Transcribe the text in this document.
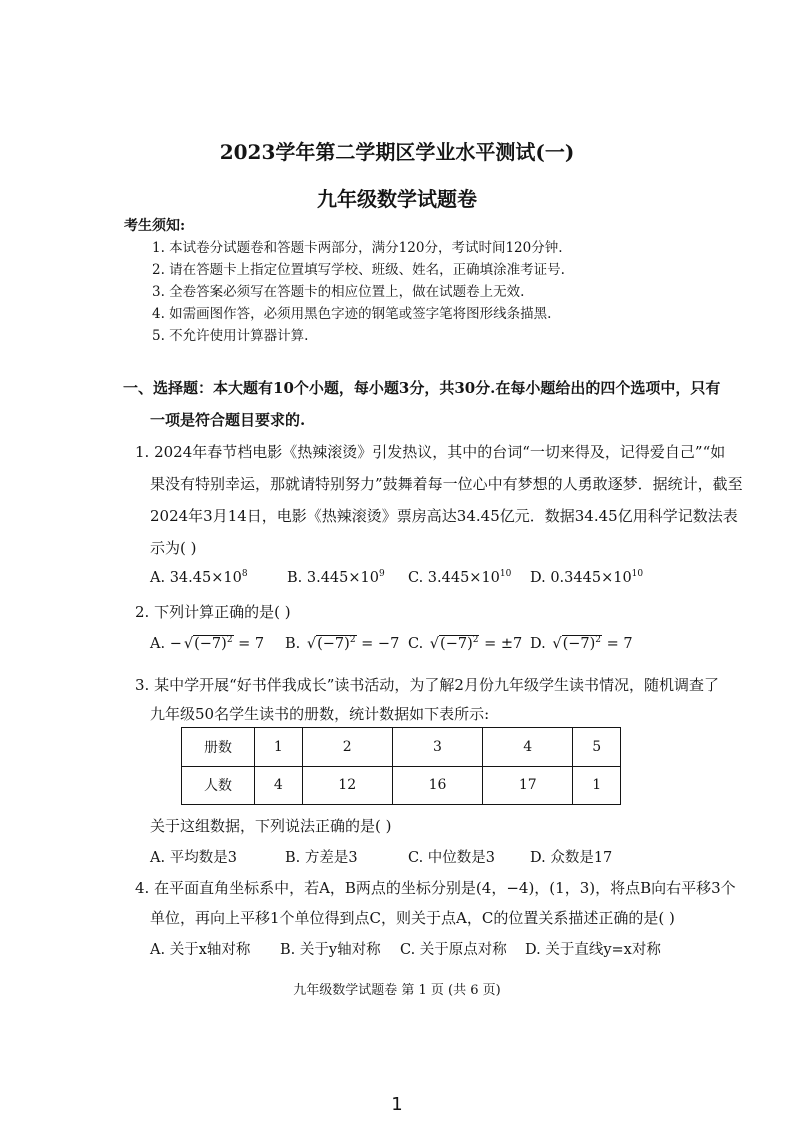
2023学年第二学期区学业水平测试(一)
九年级数学试题卷
考生须知:
1. 本试卷分试题卷和答题卡两部分，满分120分，考试时间120分钟.
2. 请在答题卡上指定位置填写学校、班级、姓名，正确填涂准考证号.
3. 全卷答案必须写在答题卡的相应位置上，做在试题卷上无效.
4. 如需画图作答，必须用黑色字迹的钢笔或签字笔将图形线条描黑.
5. 不允许使用计算器计算.
一、选择题：本大题有10个小题，每小题3分，共30分.在每小题给出的四个选项中，只有
一项是符合题目要求的.
1. 2024年春节档电影《热辣滚烫》引发热议，其中的台词“一切来得及，记得爱自己”“如
果没有特别幸运，那就请特别努力”鼓舞着每一位心中有梦想的人勇敢逐梦．据统计，截至
2024年3月14日，电影《热辣滚烫》票房高达34.45亿元．数据34.45亿用科学记数法表
示为( )
A. $34.45\times 10^8$	B. $3.445\times 10^9$ C. $3.445\times 10^{10}$ D. $0.3445\times 10^{10}$
2. 下列计算正确的是( )
A. − $√(-7)^2 = 7$ B. $√(-7)^2 = -7$ C. $√(-7)^2 = \pm 7$ D. $√(-7)^2 = 7$
3. 某中学开展“好书伴我成长”读书活动，为了解2月份九年级学生读书情况，随机调查了
九年级50名学生读书的册数，统计数据如下表所示:
册数	1	2	3	4	5
人数	4	12	16	17	1
关于这组数据，下列说法正确的是( )
A. 平均数是3	B. 方差是3	C. 中位数是3 D. 众数是17
4. 在平面直角坐标系中，若A，B两点的坐标分别是(4，−4)，(1，3)，将点B向右平移3个
单位，再向上平移1个单位得到点C，则关于点A，C的位置关系描述正确的是( )
A. 关于x轴对称 B. 关于y轴对称 C. 关于原点对称 D. 关于直线y=x对称
九年级数学试题卷 第 1 页 (共 6 页)
1
